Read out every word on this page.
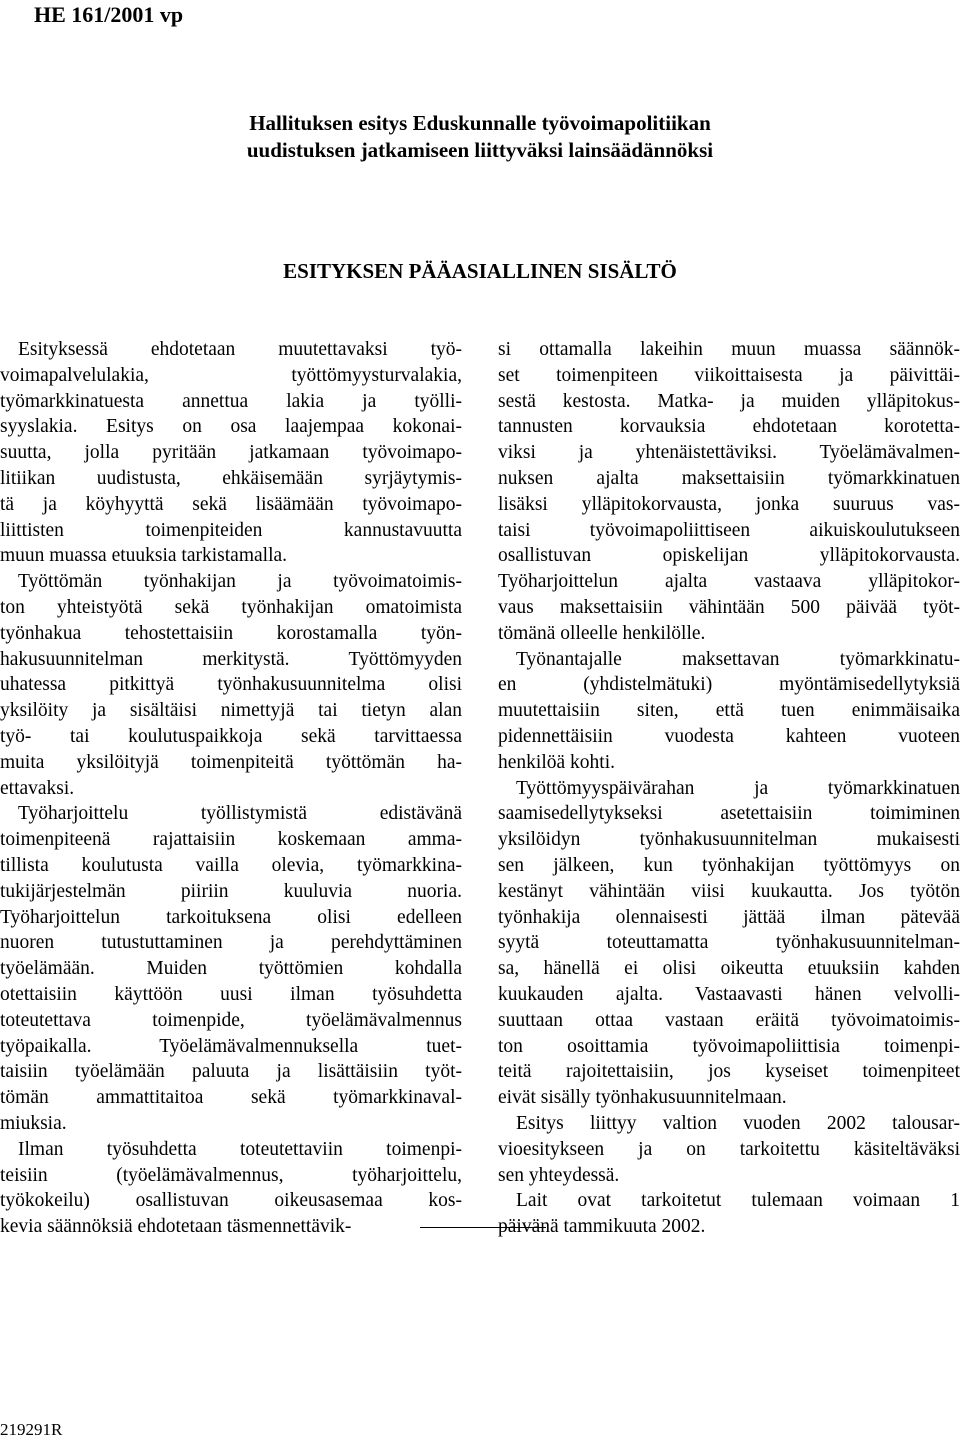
HE 161/2001 vp
Hallituksen esitys Eduskunnalle työvoimapolitiikan
uudistuksen jatkamiseen liittyväksi lainsäädännöksi
ESITYKSEN PÄÄASIALLINEN SISÄLTÖ
Esityksessä ehdotetaan muutettavaksi työ-
voimapalvelulakia, työttömyysturvalakia,
työmarkkinatuesta annettua lakia ja työlli-
syyslakia. Esitys on osa laajempaa kokonai-
suutta, jolla pyritään jatkamaan työvoimapo-
litiikan uudistusta, ehkäisemään syrjäytymis-
tä ja köyhyyttä sekä lisäämään työvoimapo-
liittisten toimenpiteiden kannustavuutta
muun muassa etuuksia tarkistamalla.
Työttömän työnhakijan ja työvoimatoimis-
ton yhteistyötä sekä työnhakijan omatoimista
työnhakua tehostettaisiin korostamalla työn-
hakusuunnitelman merkitystä. Työttömyyden
uhatessa pitkittyä työnhakusuunnitelma olisi
yksilöity ja sisältäisi nimettyjä tai tietyn alan
työ- tai koulutuspaikkoja sekä tarvittaessa
muita yksilöityjä toimenpiteitä työttömän ha-
ettavaksi.
Työharjoittelu työllistymistä edistävänä
toimenpiteenä rajattaisiin koskemaan amma-
tillista koulutusta vailla olevia, työmarkkina-
tukijärjestelmän piiriin kuuluvia nuoria.
Työharjoittelun tarkoituksena olisi edelleen
nuoren tutustuttaminen ja perehdyttäminen
työelämään. Muiden työttömien kohdalla
otettaisiin käyttöön uusi ilman työsuhdetta
toteutettava toimenpide, työelämävalmennus
työpaikalla. Työelämävalmennuksella tuet-
taisiin työelämään paluuta ja lisättäisiin työt-
tömän ammattitaitoa sekä työmarkkinaval-
miuksia.
Ilman työsuhdetta toteutettaviin toimenpi-
teisiin (työelämävalmennus, työharjoittelu,
työkokeilu) osallistuvan oikeusasemaa kos-
kevia säännöksiä ehdotetaan täsmennettävik-
si ottamalla lakeihin muun muassa säännök-
set toimenpiteen viikoittaisesta ja päivittäi-
sestä kestosta. Matka- ja muiden ylläpitokus-
tannusten korvauksia ehdotetaan korotetta-
viksi ja yhtenäistettäviksi. Työelämävalmen-
nuksen ajalta maksettaisiin työmarkkinatuen
lisäksi ylläpitokorvausta, jonka suuruus vas-
taisi työvoimapoliittiseen aikuiskoulutukseen
osallistuvan opiskelijan ylläpitokorvausta.
Työharjoittelun ajalta vastaava ylläpitokor-
vaus maksettaisiin vähintään 500 päivää työt-
tömänä olleelle henkilölle.
Työnantajalle maksettavan työmarkkinatu-
en (yhdistelmätuki) myöntämisedellytyksiä
muutettaisiin siten, että tuen enimmäisaika
pidennettäisiin vuodesta kahteen vuoteen
henkilöä kohti.
Työttömyyspäivärahan ja työmarkkinatuen
saamisedellytykseksi asetettaisiin toimiminen
yksilöidyn työnhakusuunnitelman mukaisesti
sen jälkeen, kun työnhakijan työttömyys on
kestänyt vähintään viisi kuukautta. Jos työtön
työnhakija olennaisesti jättää ilman pätevää
syytä toteuttamatta työnhakusuunnitelman-
sa, hänellä ei olisi oikeutta etuuksiin kahden
kuukauden ajalta. Vastaavasti hänen velvolli-
suuttaan ottaa vastaan eräitä työvoimatoimis-
ton osoittamia työvoimapoliittisia toimenpi-
teitä rajoitettaisiin, jos kyseiset toimenpiteet
eivät sisälly työnhakusuunnitelmaan.
Esitys liittyy valtion vuoden 2002 talousar-
vioesitykseen ja on tarkoitettu käsiteltäväksi
sen yhteydessä.
Lait ovat tarkoitetut tulemaan voimaan 1
päivänä tammikuuta 2002.
219291R
